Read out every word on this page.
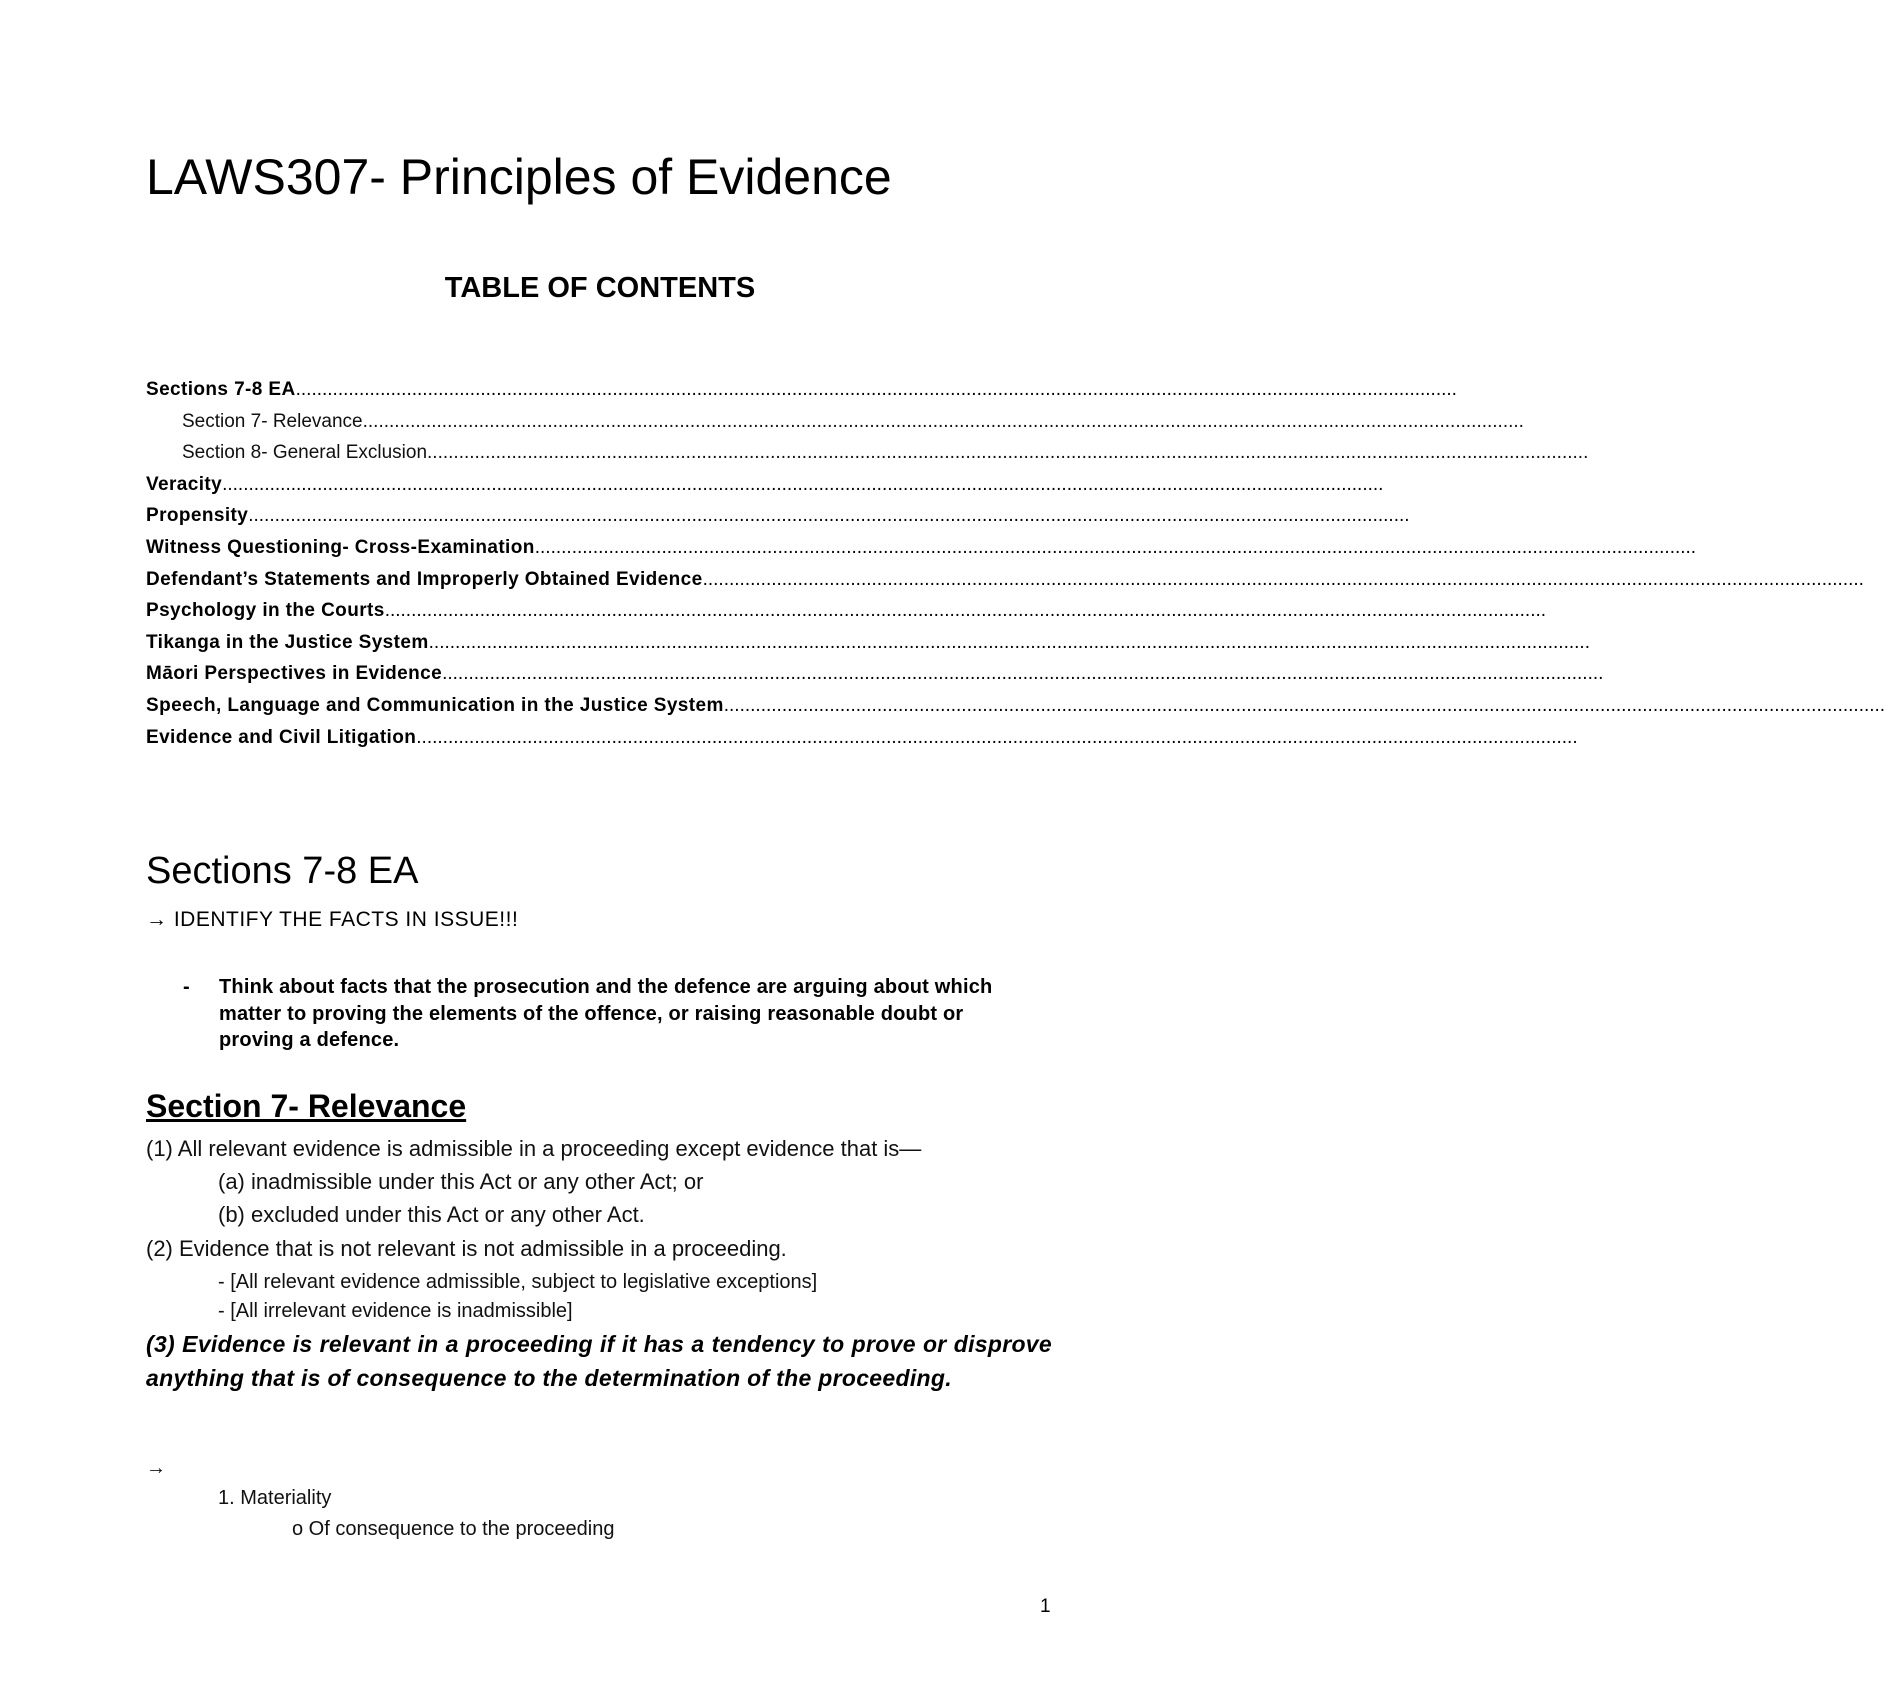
LAWS307- Principles of Evidence
TABLE OF CONTENTS
Sections 7-8 EA............................................................................................................................................................................................................................
Section 7- Relevance............................................................................................................................................................................................................................
Section 8- General Exclusion............................................................................................................................................................................................................................
Veracity............................................................................................................................................................................................................................
Propensity............................................................................................................................................................................................................................
Witness Questioning- Cross-Examination............................................................................................................................................................................................................................
Defendant’s Statements and Improperly Obtained Evidence............................................................................................................................................................................................................................
Psychology in the Courts............................................................................................................................................................................................................................
Tikanga in the Justice System............................................................................................................................................................................................................................
Māori Perspectives in Evidence............................................................................................................................................................................................................................
Speech, Language and Communication in the Justice System............................................................................................................................................................................................................................
Evidence and Civil Litigation............................................................................................................................................................................................................................
Sections 7-8 EA
→ IDENTIFY THE FACTS IN ISSUE!!!
- Think about facts that the prosecution and the defence are arguing about which matter to proving the elements of the offence, or raising reasonable doubt or proving a defence.
Section 7- Relevance
(1) All relevant evidence is admissible in a proceeding except evidence that is—
(a) inadmissible under this Act or any other Act; or
(b) excluded under this Act or any other Act.
(2) Evidence that is not relevant is not admissible in a proceeding.
- [All relevant evidence admissible, subject to legislative exceptions]
- [All irrelevant evidence is inadmissible]
(3) Evidence is relevant in a proceeding if it has a tendency to prove or disprove anything that is of consequence to the determination of the proceeding.
→
1. Materiality
o Of consequence to the proceeding
1
